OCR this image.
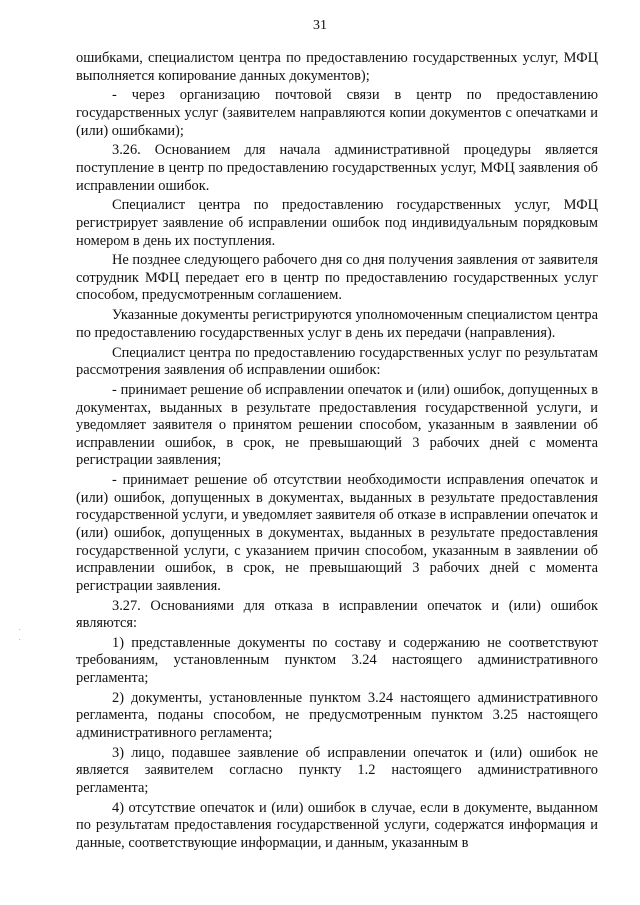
31
·
·

ошибками, специалистом центра по предоставлению государственных услуг, МФЦ выполняется копирование данных документов);

- через организацию почтовой связи в центр по предоставлению государственных услуг (заявителем направляются копии документов с опечатками и (или) ошибками);

3.26. Основанием для начала административной процедуры является поступление в центр по предоставлению государственных услуг, МФЦ заявления об исправлении ошибок.

Специалист центра по предоставлению государственных услуг, МФЦ регистрирует заявление об исправлении ошибок под индивидуальным порядковым номером в день их поступления.

Не позднее следующего рабочего дня со дня получения заявления от заявителя сотрудник МФЦ передает его в центр по предоставлению государственных услуг способом, предусмотренным соглашением.

Указанные документы регистрируются уполномоченным специалистом центра по предоставлению государственных услуг в день их передачи (направления).

Специалист центра по предоставлению государственных услуг по результатам рассмотрения заявления об исправлении ошибок:

- принимает решение об исправлении опечаток и (или) ошибок, допущенных в документах, выданных в результате предоставления государственной услуги, и уведомляет заявителя о принятом решении способом, указанным в заявлении об исправлении ошибок, в срок, не превышающий 3 рабочих дней с момента регистрации заявления;

- принимает решение об отсутствии необходимости исправления опечаток и (или) ошибок, допущенных в документах, выданных в результате предоставления государственной услуги, и уведомляет заявителя об отказе в исправлении опечаток и (или) ошибок, допущенных в документах, выданных в результате предоставления государственной услуги, с указанием причин способом, указанным в заявлении об исправлении ошибок, в срок, не превышающий 3 рабочих дней с момента регистрации заявления.

3.27. Основаниями для отказа в исправлении опечаток и (или) ошибок являются:

1) представленные документы по составу и содержанию не соответствуют требованиям, установленным пунктом 3.24 настоящего административного регламента;

2) документы, установленные пунктом 3.24 настоящего административного регламента, поданы способом, не предусмотренным пунктом 3.25 настоящего административного регламента;

3) лицо, подавшее заявление об исправлении опечаток и (или) ошибок не является заявителем согласно пункту 1.2 настоящего административного регламента;

4) отсутствие опечаток и (или) ошибок в случае, если в документе, выданном по результатам предоставления государственной услуги, содержатся информация и данные, соответствующие информации, и данным, указанным в
